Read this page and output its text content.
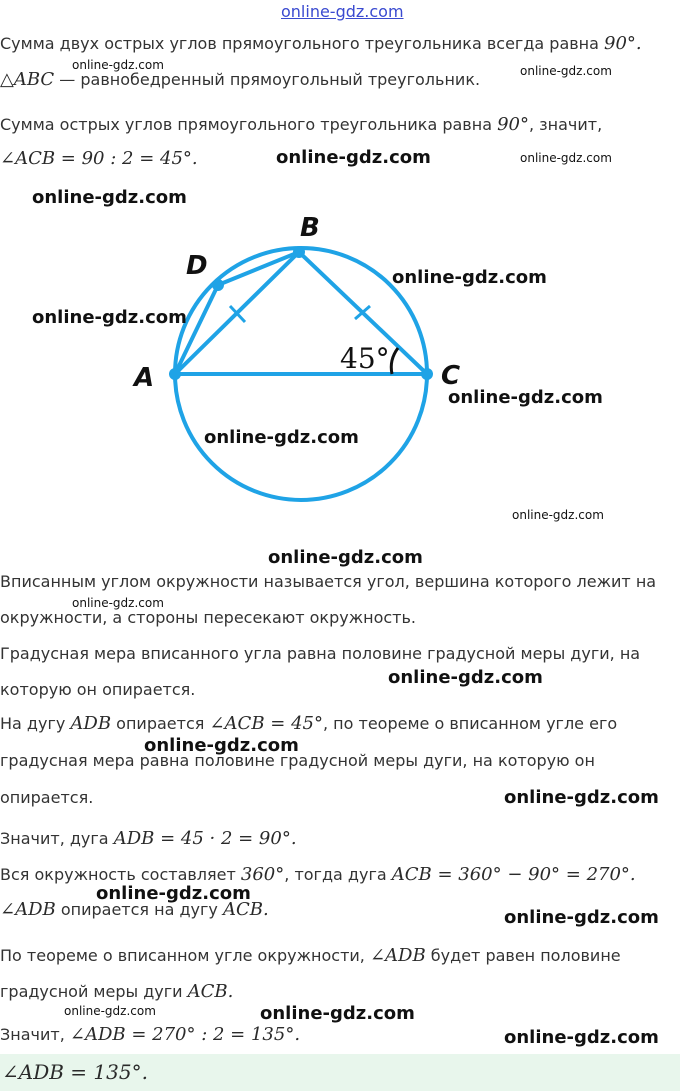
online-gdz.com
Сумма двух острых углов прямоугольного треугольника всегда равна 90°.
online-gdz.com
△ABC — равнобедренный прямоугольный треугольник.	online-gdz.com
Сумма острых углов прямоугольного треугольника равна 90°, значит,
∠ACB = 90 : 2 = 45°.	online-gdz.com	online-gdz.com
online-gdz.com
A
B
C
D
45°
online-gdz.com
online-gdz.com
online-gdz.com
online-gdz.com
online-gdz.com
online-gdz.com
Вписанным углом окружности называется угол, вершина которого лежит на
online-gdz.com
окружности, а стороны пересекают окружность.
Градусная мера вписанного угла равна половине градусной меры дуги, на
которую он опирается.
online-gdz.com
На дугу ADB опирается ∠ACB = 45°, по теореме о вписанном угле его
градусная мера равна половине градусной меры дуги, на которую он
online-gdz.com
опирается.	online-gdz.com
Значит, дуга ADB = 45 · 2 = 90°.
Вся окружность составляет 360°, тогда дуга ACB = 360° − 90° = 270°.
online-gdz.com
∠ADB опирается на дугу ACB.	online-gdz.com
По теореме о вписанном угле окружности, ∠ADB будет равен половине
градусной меры дуги ACB.
online-gdz.com	online-gdz.com
Значит, ∠ADB = 270° : 2 = 135°.	online-gdz.com
∠ADB = 135°.
